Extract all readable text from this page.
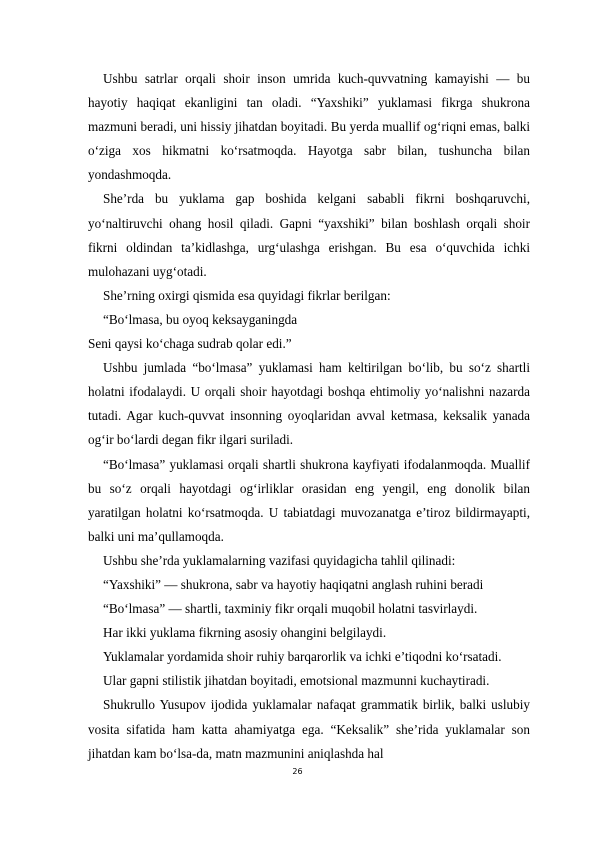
Ushbu satrlar orqali shoir inson umrida kuch-quvvatning kamayishi — bu hayotiy haqiqat ekanligini tan oladi. “Yaxshiki” yuklamasi fikrga shukrona mazmuni beradi, uni hissiy jihatdan boyitadi. Bu yerda muallif og‘riqni emas, balki o‘ziga xos hikmatni ko‘rsatmoqda. Hayotga sabr bilan, tushuncha bilan yondashmoqda.

She’rda bu yuklama gap boshida kelgani sababli fikrni boshqaruvchi, yo‘naltiruvchi ohang hosil qiladi. Gapni “yaxshiki” bilan boshlash orqali shoir fikrni oldindan ta’kidlashga, urg‘ulashga erishgan. Bu esa o‘quvchida ichki mulohazani uyg‘otadi.

She’rning oxirgi qismida esa quyidagi fikrlar berilgan:

“Bo‘lmasa, bu oyoq keksayganingda

Seni qaysi ko‘chaga sudrab qolar edi.”

Ushbu jumlada “bo‘lmasa” yuklamasi ham keltirilgan bo‘lib, bu so‘z shartli holatni ifodalaydi. U orqali shoir hayotdagi boshqa ehtimoliy yo‘nalishni nazarda tutadi. Agar kuch-quvvat insonning oyoqlaridan avval ketmasa, keksalik yanada og‘ir bo‘lardi degan fikr ilgari suriladi.

“Bo‘lmasa” yuklamasi orqali shartli shukrona kayfiyati ifodalanmoqda. Muallif bu so‘z orqali hayotdagi og‘irliklar orasidan eng yengil, eng donolik bilan yaratilgan holatni ko‘rsatmoqda. U tabiatdagi muvozanatga e’tiroz bildirmayapti, balki uni ma’qullamoqda.

Ushbu she’rda yuklamalarning vazifasi quyidagicha tahlil qilinadi:

“Yaxshiki” — shukrona, sabr va hayotiy haqiqatni anglash ruhini beradi

“Bo‘lmasa” — shartli, taxminiy fikr orqali muqobil holatni tasvirlaydi.

Har ikki yuklama fikrning asosiy ohangini belgilaydi.

Yuklamalar yordamida shoir ruhiy barqarorlik va ichki e’tiqodni ko‘rsatadi.

Ular gapni stilistik jihatdan boyitadi, emotsional mazmunni kuchaytiradi.

Shukrullo Yusupov ijodida yuklamalar nafaqat grammatik birlik, balki uslubiy vosita sifatida ham katta ahamiyatga ega. “Keksalik” she’rida yuklamalar son jihatdan kam bo‘lsa-da, matn mazmunini aniqlashda hal

26
